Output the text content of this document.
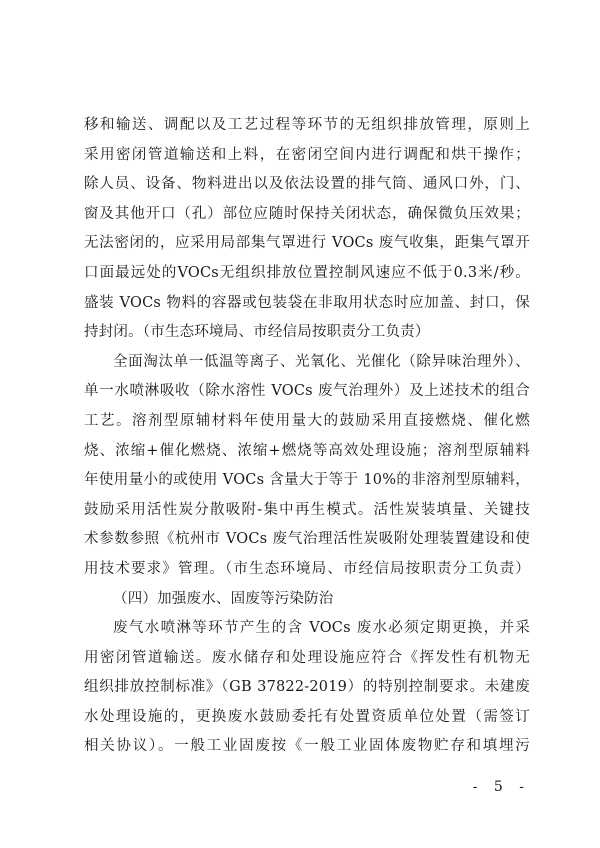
移和输送、调配以及工艺过程等环节的无组织排放管理，原则上
采用密闭管道输送和上料，在密闭空间内进行调配和烘干操作；
除人员、设备、物料进出以及依法设置的排气筒、通风口外，门、
窗及其他开口（孔）部位应随时保持关闭状态，确保微负压效果；
无法密闭的，应采用局部集气罩进行 VOCs 废气收集，距集气罩开
口面最远处的VOCs无组织排放位置控制风速应不低于0.3米/秒。
盛装 VOCs 物料的容器或包装袋在非取用状态时应加盖、封口，保
持封闭。（市生态环境局、市经信局按职责分工负责）
全面淘汰单一低温等离子、光氧化、光催化（除异味治理外）、
单一水喷淋吸收（除水溶性 VOCs 废气治理外）及上述技术的组合
工艺。溶剂型原辅材料年使用量大的鼓励采用直接燃烧、催化燃
烧、浓缩+催化燃烧、浓缩+燃烧等高效处理设施；溶剂型原辅料
年使用量小的或使用 VOCs 含量大于等于 10%的非溶剂型原辅料，
鼓励采用活性炭分散吸附-集中再生模式。活性炭装填量、关键技
术参数参照《杭州市 VOCs 废气治理活性炭吸附处理装置建设和使
用技术要求》管理。（市生态环境局、市经信局按职责分工负责）
（四）加强废水、固废等污染防治
废气水喷淋等环节产生的含 VOCs 废水必须定期更换，并采
用密闭管道输送。废水储存和处理设施应符合《挥发性有机物无
组织排放控制标准》（GB 37822-2019）的特别控制要求。未建废
水处理设施的，更换废水鼓励委托有处置资质单位处置（需签订
相关协议）。一般工业固废按《一般工业固体废物贮存和填埋污
- 5 -
